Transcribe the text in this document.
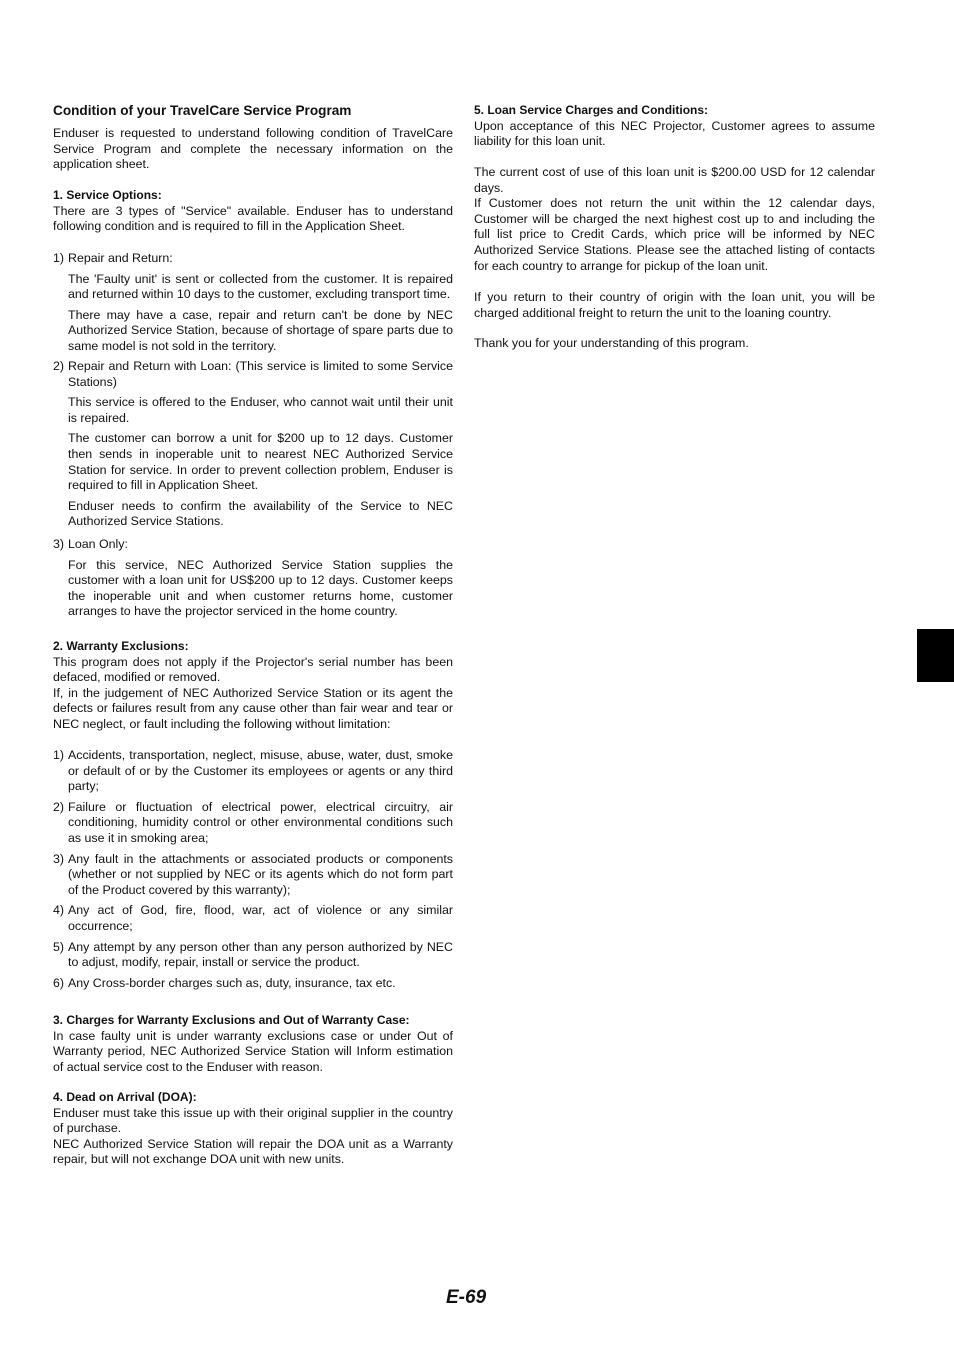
Condition of your TravelCare Service Program

Enduser is requested to understand following condition of TravelCare Service Program and complete the necessary information on the application sheet.

1. Service Options:

There are 3 types of "Service" available. Enduser has to understand following condition and is required to fill in the Application Sheet.

1) Repair and Return:

The 'Faulty unit' is sent or collected from the customer. It is repaired and returned within 10 days to the customer, excluding transport time.

There may have a case, repair and return can't be done by NEC Authorized Service Station, because of shortage of spare parts due to same model is not sold in the territory.

2) Repair and Return with Loan: (This service is limited to some Service Stations)

This service is offered to the Enduser, who cannot wait until their unit is repaired.

The customer can borrow a unit for $200 up to 12 days. Customer then sends in inoperable unit to nearest NEC Authorized Service Station for service. In order to prevent collection problem, Enduser is required to fill in Application Sheet.

Enduser needs to confirm the availability of the Service to NEC Authorized Service Stations.

3) Loan Only:

For this service, NEC Authorized Service Station supplies the customer with a loan unit for US$200 up to 12 days. Customer keeps the inoperable unit and when customer returns home, customer arranges to have the projector serviced in the home country.

2. Warranty Exclusions:

This program does not apply if the Projector's serial number has been defaced, modified or removed.

If, in the judgement of NEC Authorized Service Station or its agent the defects or failures result from any cause other than fair wear and tear or NEC neglect, or fault including the following without limitation:

1) Accidents, transportation, neglect, misuse, abuse, water, dust, smoke or default of or by the Customer its employees or agents or any third party;

2) Failure or fluctuation of electrical power, electrical circuitry, air conditioning, humidity control or other environmental conditions such as use it in smoking area;

3) Any fault in the attachments or associated products or components (whether or not supplied by NEC or its agents which do not form part of the Product covered by this warranty);

4) Any act of God, fire, flood, war, act of violence or any similar occurrence;

5) Any attempt by any person other than any person authorized by NEC to adjust, modify, repair, install or service the product.

6) Any Cross-border charges such as, duty, insurance, tax etc.

3. Charges for Warranty Exclusions and Out of Warranty Case:

In case faulty unit is under warranty exclusions case or under Out of Warranty period, NEC Authorized Service Station will Inform estimation of actual service cost to the Enduser with reason.

4. Dead on Arrival (DOA):

Enduser must take this issue up with their original supplier in the country of purchase.

NEC Authorized Service Station will repair the DOA unit as a Warranty repair, but will not exchange DOA unit with new units.

5. Loan Service Charges and Conditions:

Upon acceptance of this NEC Projector, Customer agrees to assume liability for this loan unit.

The current cost of use of this loan unit is $200.00 USD for 12 calendar days.

If Customer does not return the unit within the 12 calendar days, Customer will be charged the next highest cost up to and including the full list price to Credit Cards, which price will be informed by NEC Authorized Service Stations. Please see the attached listing of contacts for each country to arrange for pickup of the loan unit.

If you return to their country of origin with the loan unit, you will be charged additional freight to return the unit to the loaning country.

Thank you for your understanding of this program.

E-69
